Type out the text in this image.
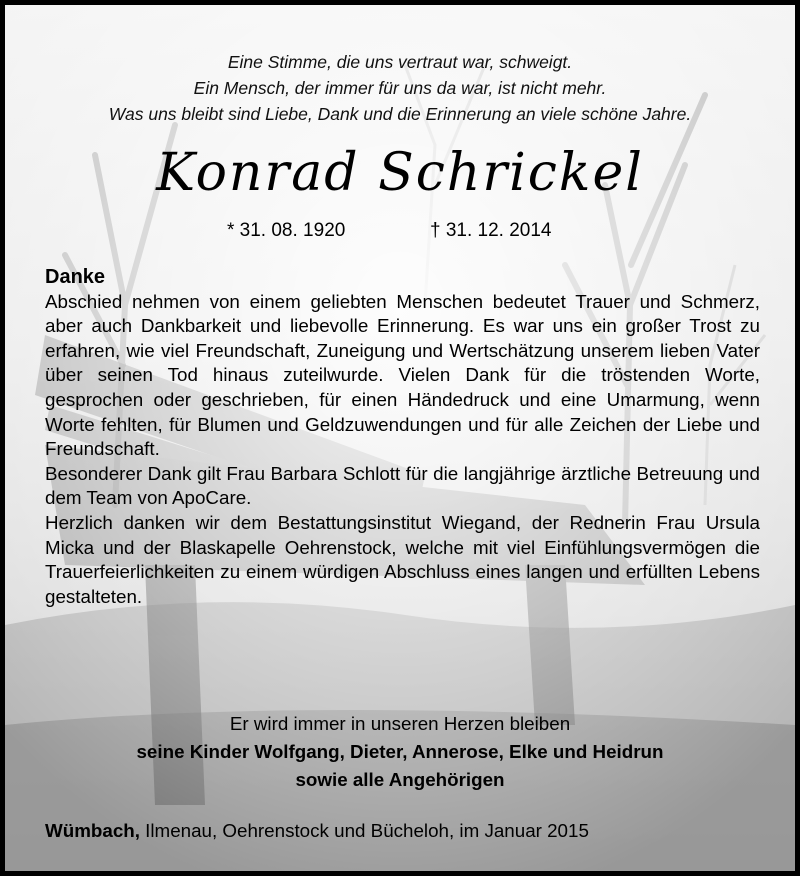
Eine Stimme, die uns vertraut war, schweigt.
Ein Mensch, der immer für uns da war, ist nicht mehr.
Was uns bleibt sind Liebe, Dank und die Erinnerung an viele schöne Jahre.
Konrad Schrickel
* 31. 08. 1920	† 31. 12. 2014
Danke

Abschied nehmen von einem geliebten Menschen bedeutet Trauer und Schmerz, aber auch Dankbarkeit und liebevolle Erinnerung. Es war uns ein großer Trost zu erfahren, wie viel Freundschaft, Zuneigung und Wertschätzung unserem lieben Vater über seinen Tod hinaus zuteilwurde. Vielen Dank für die tröstenden Worte, gesprochen oder geschrieben, für einen Händedruck und eine Umarmung, wenn Worte fehlten, für Blumen und Geldzuwendungen und für alle Zeichen der Liebe und Freundschaft.

Besonderer Dank gilt Frau Barbara Schlott für die langjährige ärztliche Betreuung und dem Team von ApoCare.

Herzlich danken wir dem Bestattungsinstitut Wiegand, der Rednerin Frau Ursula Micka und der Blaskapelle Oehrenstock, welche mit viel Einfühlungsvermögen die Trauerfeierlichkeiten zu einem würdigen Abschluss eines langen und erfüllten Lebens gestalteten.

Er wird immer in unseren Herzen bleiben
seine Kinder Wolfgang, Dieter, Annerose, Elke und Heidrun
sowie alle Angehörigen
Wümbach, Ilmenau, Oehrenstock und Bücheloh, im Januar 2015
